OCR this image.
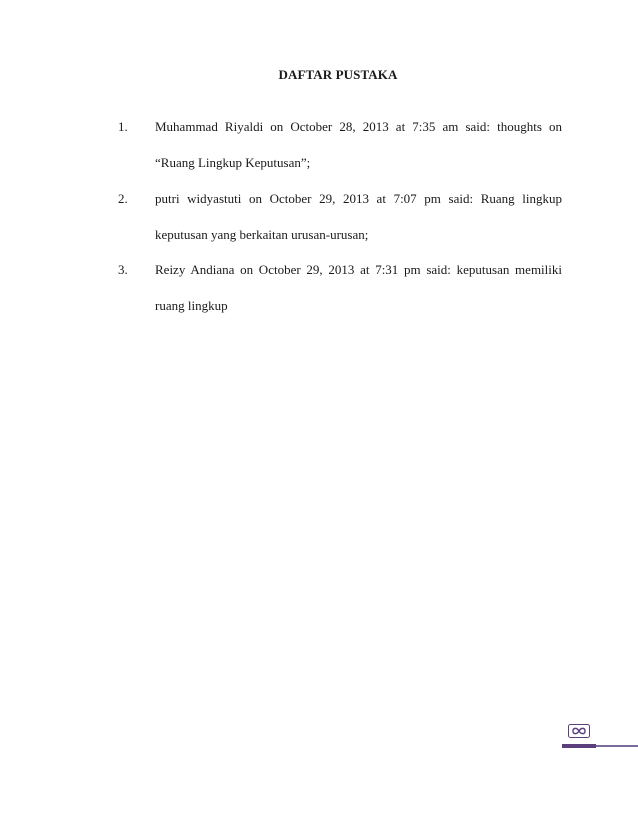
DAFTAR PUSTAKA
1.	Muhammad Riyaldi on October 28, 2013 at 7:35 am said: thoughts on “Ruang Lingkup Keputusan”;
2.	putri widyastuti on October 29, 2013 at 7:07 pm said: Ruang lingkup keputusan yang berkaitan urusan-urusan;
3.	Reizy Andiana on October 29, 2013 at 7:31 pm said: keputusan memiliki ruang lingkup
